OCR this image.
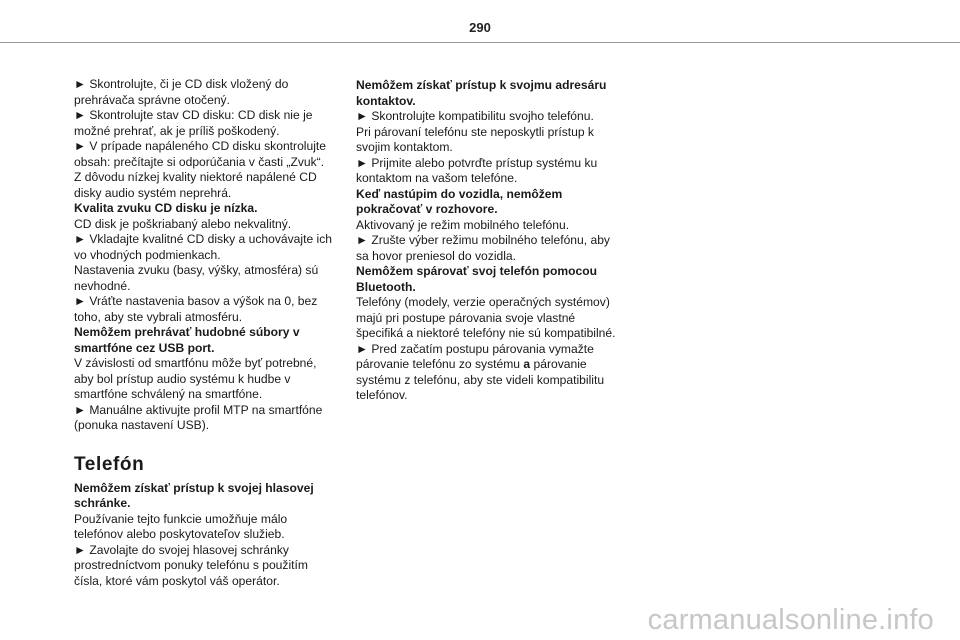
290
► Skontrolujte, či je CD disk vložený do
prehrávača správne otočený.
► Skontrolujte stav CD disku: CD disk nie je
možné prehrať, ak je príliš poškodený.
► V prípade napáleného CD disku skontrolujte
obsah: prečítajte si odporúčania v časti „Zvuk“.
Z dôvodu nízkej kvality niektoré napálené CD
disky audio systém neprehrá.
Kvalita zvuku CD disku je nízka.
CD disk je poškriabaný alebo nekvalitný.
► Vkladajte kvalitné CD disky a uchovávajte ich
vo vhodných podmienkach.
Nastavenia zvuku (basy, výšky, atmosféra) sú
nevhodné.
► Vráťte nastavenia basov a výšok na 0, bez
toho, aby ste vybrali atmosféru.
Nemôžem prehrávať hudobné súbory v
smartfóne cez USB port.
V závislosti od smartfónu môže byť potrebné,
aby bol prístup audio systému k hudbe v
smartfóne schválený na smartfóne.
► Manuálne aktivujte profil MTP na smartfóne
(ponuka nastavení USB).
Telefón
Nemôžem získať prístup k svojej hlasovej
schránke.
Používanie tejto funkcie umožňuje málo
telefónov alebo poskytovateľov služieb.
► Zavolajte do svojej hlasovej schránky
prostredníctvom ponuky telefónu s použitím
čísla, ktoré vám poskytol váš operátor.
Nemôžem získať prístup k svojmu adresáru
kontaktov.
► Skontrolujte kompatibilitu svojho telefónu.
Pri párovaní telefónu ste neposkytli prístup k
svojim kontaktom.
► Prijmite alebo potvrďte prístup systému ku
kontaktom na vašom telefóne.
Keď nastúpim do vozidla, nemôžem
pokračovať v rozhovore.
Aktivovaný je režim mobilného telefónu.
► Zrušte výber režimu mobilného telefónu, aby
sa hovor preniesol do vozidla.
Nemôžem spárovať svoj telefón pomocou
Bluetooth.
Telefóny (modely, verzie operačných systémov)
majú pri postupe párovania svoje vlastné
špecifiká a niektoré telefóny nie sú kompatibilné.
► Pred začatím postupu párovania vymažte
párovanie telefónu zo systému a párovanie
systému z telefónu, aby ste videli kompatibilitu
telefónov.
carmanualsonline.info
